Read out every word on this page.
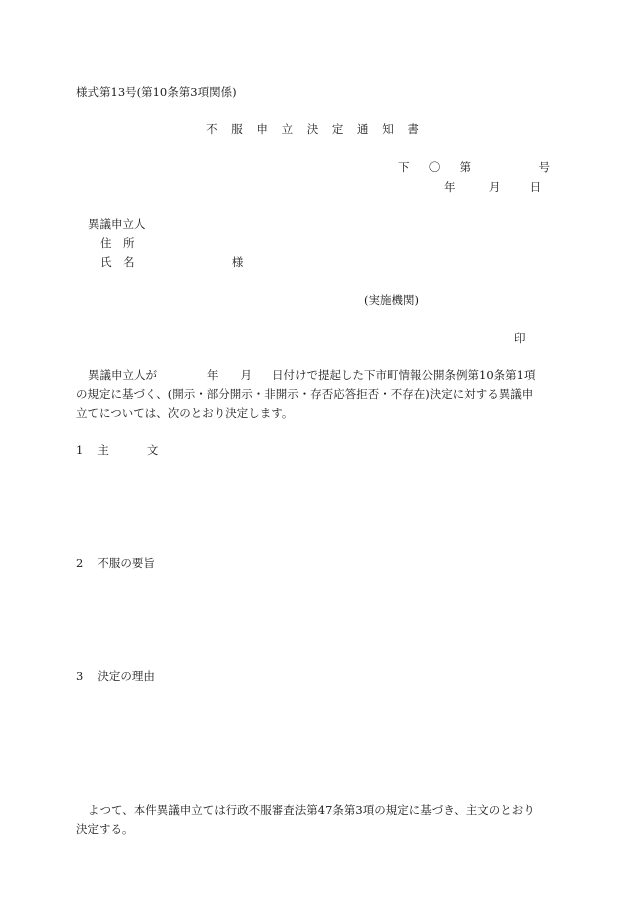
様式第13号(第10条第3項関係)
不 服 申 立 決 定 通 知 書
下 〇 第	号
年	月	日
異議申立人
住　所
氏　名	様
(実施機関)
印
異議申立人が	年 月 日付けで提起した下市町情報公開条例第10条第1項
の規定に基づく、(開示・部分開示・非開示・存否応答拒否・不存在)決定に対する異議申
立てについては、次のとおり決定します。
1 主	文
2 不服の要旨
3 決定の理由
よつて、本件異議申立ては行政不服審査法第47条第3項の規定に基づき、主文のとおり
決定する。
